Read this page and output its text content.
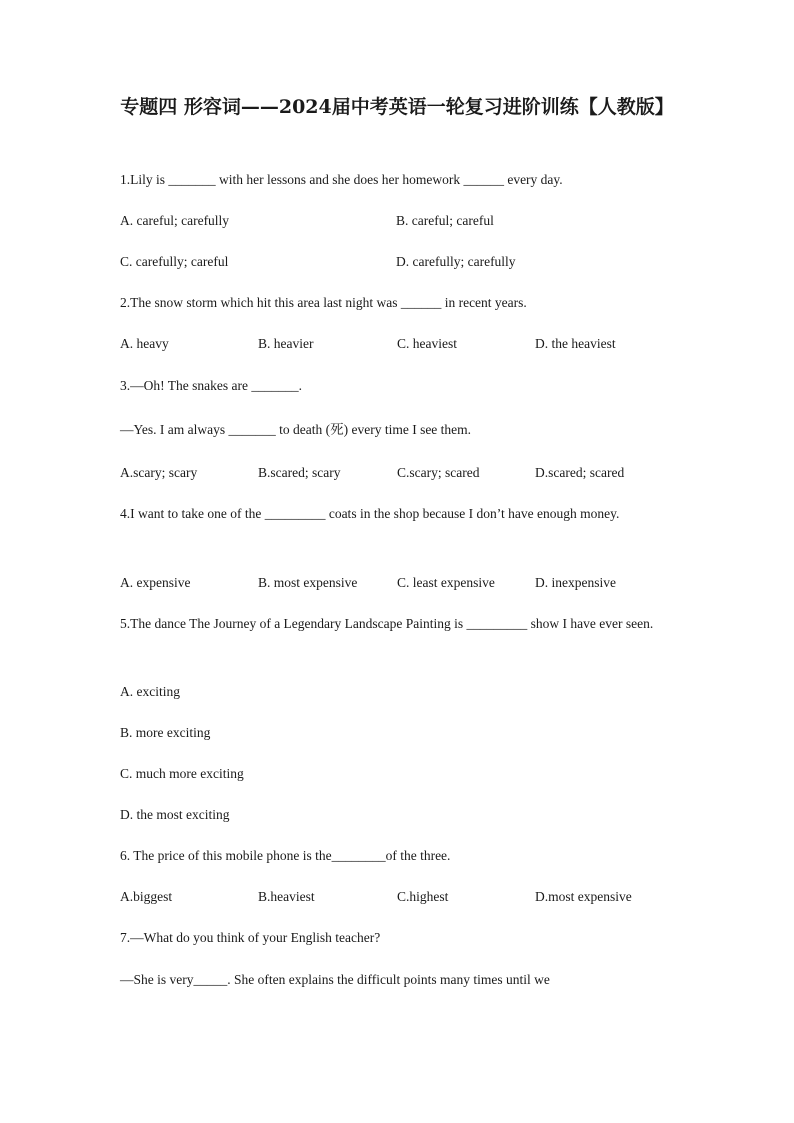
专题四 形容词——2024届中考英语一轮复习进阶训练【人教版】
1.Lily is _______ with her lessons and she does her homework ______ every day.
A. careful; carefully	B. careful; careful
C. carefully; careful	D. carefully; carefully
2.The snow storm which hit this area last night was ______ in recent years.
A. heavy	B. heavier	C. heaviest	D. the heaviest
3.—Oh! The snakes are _______.
—Yes. I am always _______ to death (死) every time I see them.
A.scary; scary	B.scared; scary	C.scary; scared	D.scared; scared
4.I want to take one of the _________ coats in the shop because I don’t have enough money.
A. expensive	B. most expensive	C. least expensive	D. inexpensive
5.The dance The Journey of a Legendary Landscape Painting is _________ show I have ever seen.
A. exciting
B. more exciting
C. much more exciting
D. the most exciting
6. The price of this mobile phone is the________of the three.
A.biggest	B.heaviest	C.highest	D.most expensive
7.—What do you think of your English teacher?
—She is very_____. She often explains the difficult points many times until we
